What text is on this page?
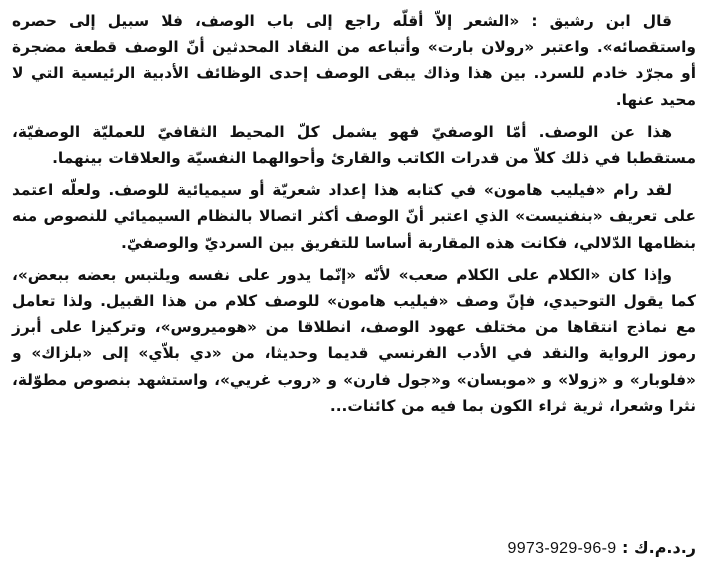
قال ابن رشيق : «الشعر إلاّ أقلّه راجع إلى باب الوصف، فلا سبيل إلى حصره واستقصائه». واعتبر «رولان بارت» وأتباعه من النقاد المحدثين أنّ الوصف قطعة مضجرة أو مجرّد خادم للسرد. بين هذا وذاك يبقى الوصف إحدى الوظائف الأدبية الرئيسية التي لا محيد عنها.

هذا عن الوصف. أمّا الوصفيّ فهو يشمل كلّ المحيط الثقافيّ للعمليّة الوصفيّة، مستقطبا في ذلك كلاّ من قدرات الكاتب والقارئ وأحوالهما النفسيّة والعلاقات بينهما.

لقد رام «فيليب هامون» في كتابه هذا إعداد شعريّة أو سيميائية للوصف. ولعلّه اعتمد على تعريف «بنفنيست» الذي اعتبر أنّ الوصف أكثر اتصالا بالنظام السيميائي للنصوص منه بنظامها الدّلالي، فكانت هذه المقاربة أساسا للتفريق بين السرديّ والوصفيّ.

وإذا كان «الكلام على الكلام صعب» لأنّه «إنّما يدور على نفسه ويلتبس بعضه ببعض»، كما يقول التوحيدي، فإنّ وصف «فيليب هامون» للوصف كلام من هذا القبيل. ولذا تعامل مع نماذج انتقاها من مختلف عهود الوصف، انطلاقا من «هوميروس»، وتركيزا على أبرز رموز الرواية والنقد في الأدب الفرنسي قديما وحديثا، من «دي بلاّي» إلى «بلزاك» و «فلوبار» و «زولا» و «موبسان» و«جول فارن» و «روب غريي»، واستشهد بنصوص مطوّلة، نثرا وشعرا، ثرية ثراء الكون بما فيه من كائنات...

ر.د.م.ك : 9973-929-96-9
